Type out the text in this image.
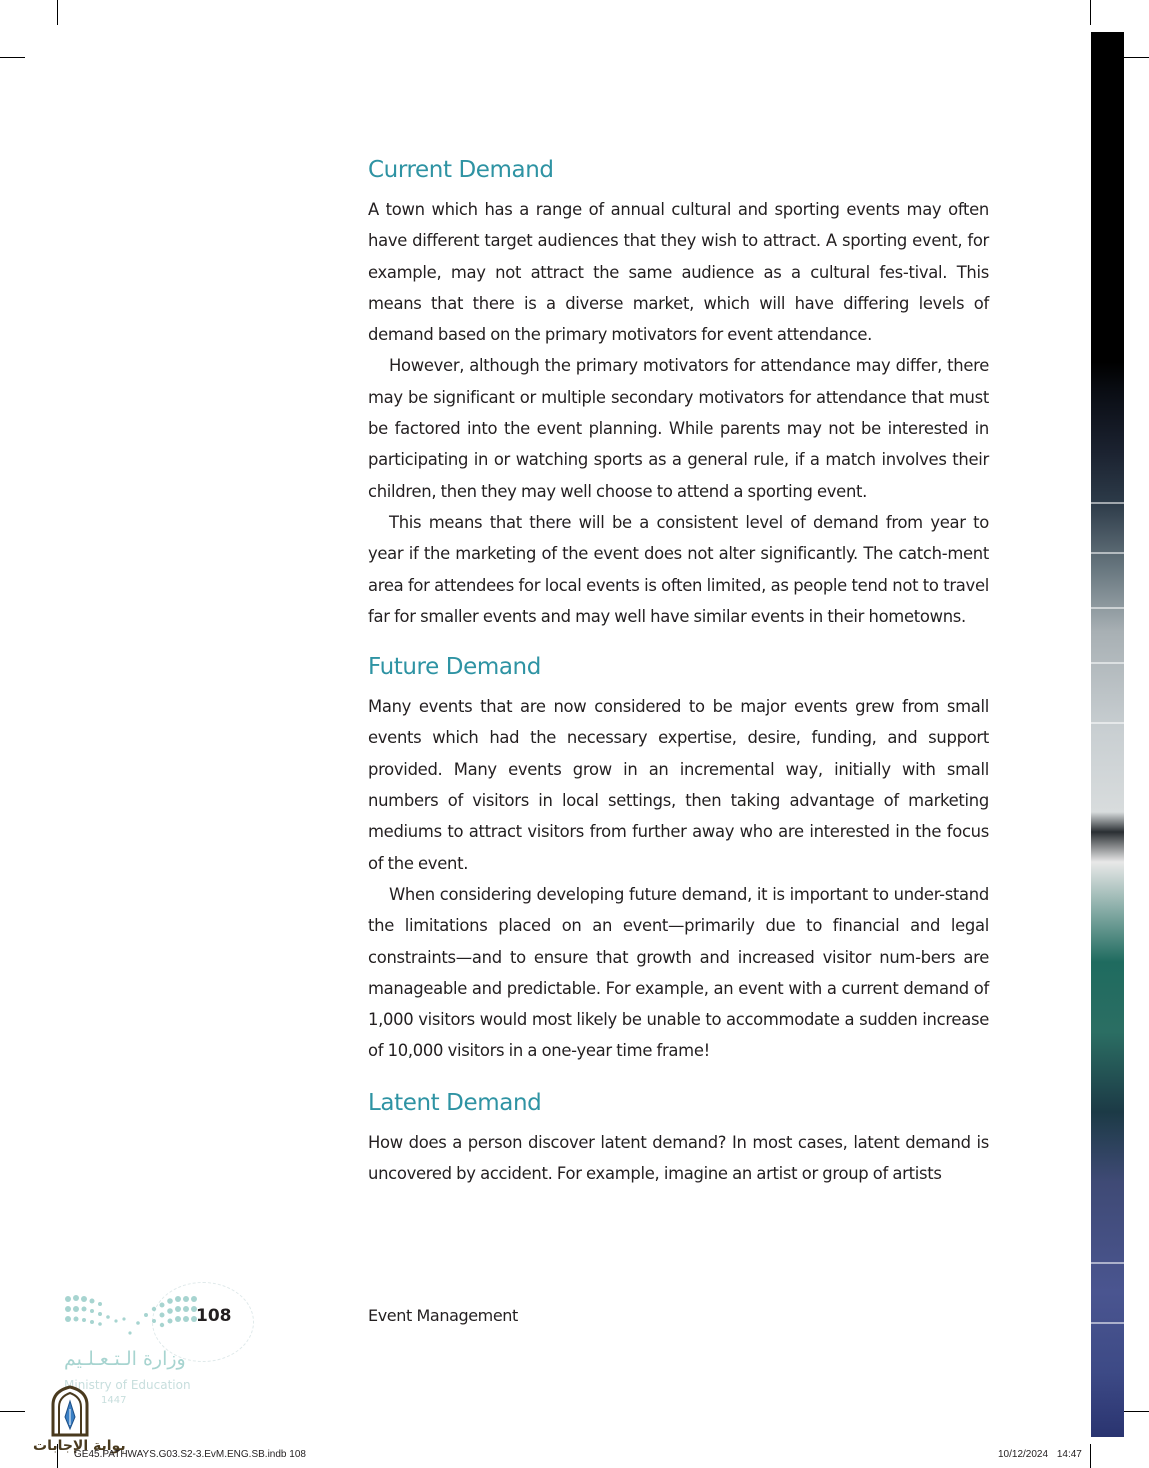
Current Demand

A town which has a range of annual cultural and sporting events may often have different target audiences that they wish to attract. A sporting event, for example, may not attract the same audience as a cultural fes-tival. This means that there is a diverse market, which will have differing levels of demand based on the primary motivators for event attendance.

However, although the primary motivators for attendance may differ, there may be significant or multiple secondary motivators for attendance that must be factored into the event planning. While parents may not be interested in participating in or watching sports as a general rule, if a match involves their children, then they may well choose to attend a sporting event.

This means that there will be a consistent level of demand from year to year if the marketing of the event does not alter significantly. The catch-ment area for attendees for local events is often limited, as people tend not to travel far for smaller events and may well have similar events in their hometowns.

Future Demand

Many events that are now considered to be major events grew from small events which had the necessary expertise, desire, funding, and support provided. Many events grow in an incremental way, initially with small numbers of visitors in local settings, then taking advantage of marketing mediums to attract visitors from further away who are interested in the focus of the event.

When considering developing future demand, it is important to under-stand the limitations placed on an event—primarily due to financial and legal constraints—and to ensure that growth and increased visitor num-bers are manageable and predictable. For example, an event with a current demand of 1,000 visitors would most likely be unable to accommodate a sudden increase of 10,000 visitors in a one-year time frame!

Latent Demand

How does a person discover latent demand? In most cases, latent demand is uncovered by accident. For example, imagine an artist or group of artists

108	Event Management
وزارة الـتـعـلـيم
Ministry of Education
1447
بوابة الإجابات
GE45.PATHWAYS.G03.S2-3.EvM.ENG.SB.indb 108	10/12/2024 14:47
